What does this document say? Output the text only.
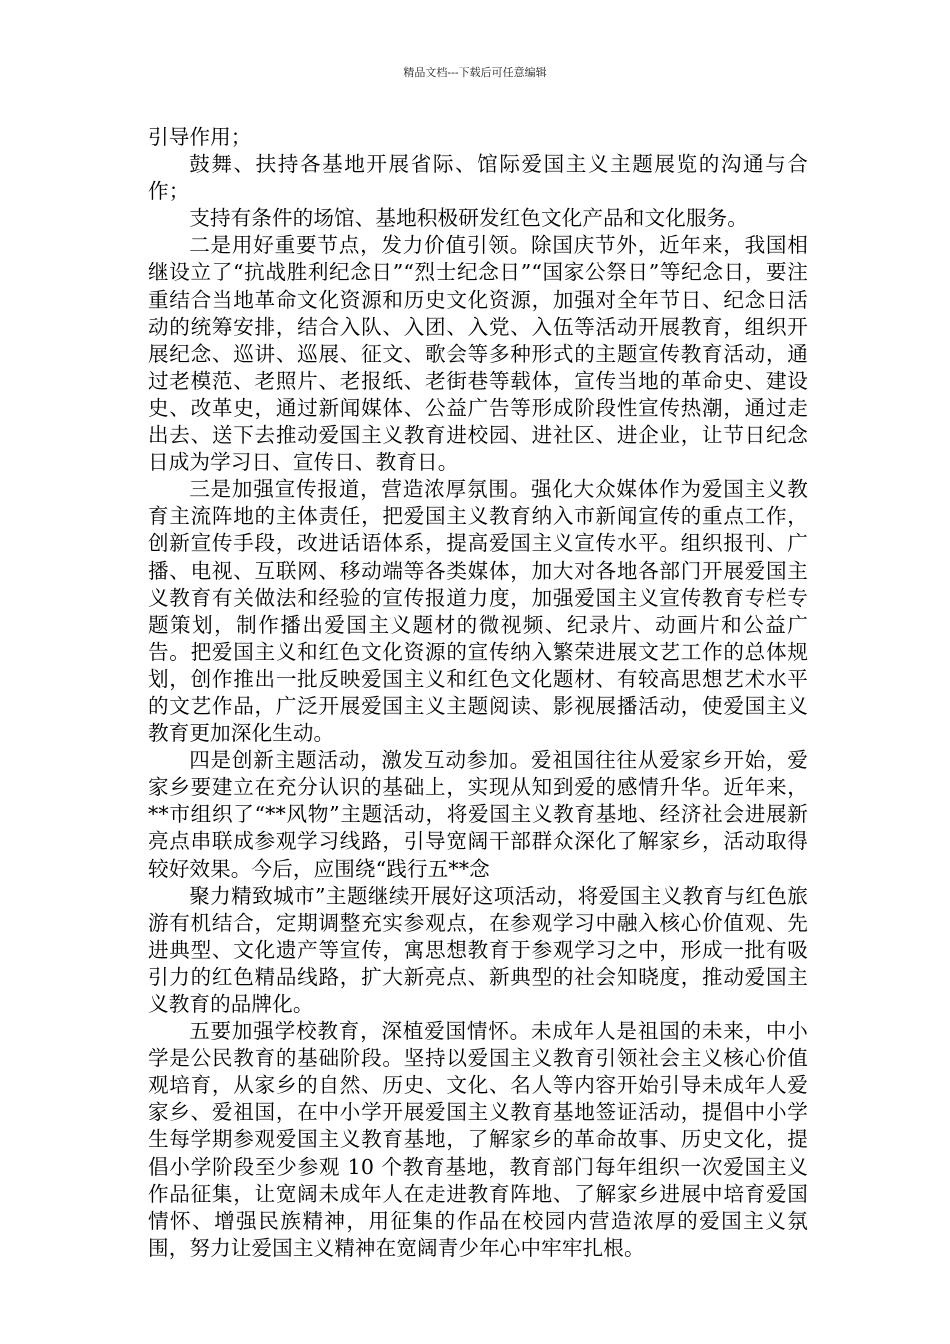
精品文档---下载后可任意编辑

引导作用；

鼓舞、扶持各基地开展省际、馆际爱国主义主题展览的沟通与合作；

支持有条件的场馆、基地积极研发红色文化产品和文化服务。

二是用好重要节点，发力价值引领。除国庆节外，近年来，我国相继设立了“抗战胜利纪念日”“烈士纪念日”“国家公祭日”等纪念日，要注重结合当地革命文化资源和历史文化资源，加强对全年节日、纪念日活动的统筹安排，结合入队、入团、入党、入伍等活动开展教育，组织开展纪念、巡讲、巡展、征文、歌会等多种形式的主题宣传教育活动，通过老模范、老照片、老报纸、老街巷等载体，宣传当地的革命史、建设史、改革史，通过新闻媒体、公益广告等形成阶段性宣传热潮，通过走出去、送下去推动爱国主义教育进校园、进社区、进企业，让节日纪念日成为学习日、宣传日、教育日。

三是加强宣传报道，营造浓厚氛围。强化大众媒体作为爱国主义教育主流阵地的主体责任，把爱国主义教育纳入市新闻宣传的重点工作，创新宣传手段，改进话语体系，提高爱国主义宣传水平。组织报刊、广播、电视、互联网、移动端等各类媒体，加大对各地各部门开展爱国主义教育有关做法和经验的宣传报道力度，加强爱国主义宣传教育专栏专题策划，制作播出爱国主义题材的微视频、纪录片、动画片和公益广告。把爱国主义和红色文化资源的宣传纳入繁荣进展文艺工作的总体规划，创作推出一批反映爱国主义和红色文化题材、有较高思想艺术水平的文艺作品，广泛开展爱国主义主题阅读、影视展播活动，使爱国主义教育更加深化生动。

四是创新主题活动，激发互动参加。爱祖国往往从爱家乡开始，爱家乡要建立在充分认识的基础上，实现从知到爱的感情升华。近年来，**市组织了“**风物”主题活动，将爱国主义教育基地、经济社会进展新亮点串联成参观学习线路，引导宽阔干部群众深化了解家乡，活动取得较好效果。今后，应围绕“践行五**念

聚力精致城市”主题继续开展好这项活动，将爱国主义教育与红色旅游有机结合，定期调整充实参观点，在参观学习中融入核心价值观、先进典型、文化遗产等宣传，寓思想教育于参观学习之中，形成一批有吸引力的红色精品线路，扩大新亮点、新典型的社会知晓度，推动爱国主义教育的品牌化。

五要加强学校教育，深植爱国情怀。未成年人是祖国的未来，中小学是公民教育的基础阶段。坚持以爱国主义教育引领社会主义核心价值观培育，从家乡的自然、历史、文化、名人等内容开始引导未成年人爱家乡、爱祖国，在中小学开展爱国主义教育基地签证活动，提倡中小学生每学期参观爱国主义教育基地，了解家乡的革命故事、历史文化，提倡小学阶段至少参观 10 个教育基地，教育部门每年组织一次爱国主义作品征集，让宽阔未成年人在走进教育阵地、了解家乡进展中培育爱国情怀、增强民族精神，用征集的作品在校园内营造浓厚的爱国主义氛围，努力让爱国主义精神在宽阔青少年心中牢牢扎根。
